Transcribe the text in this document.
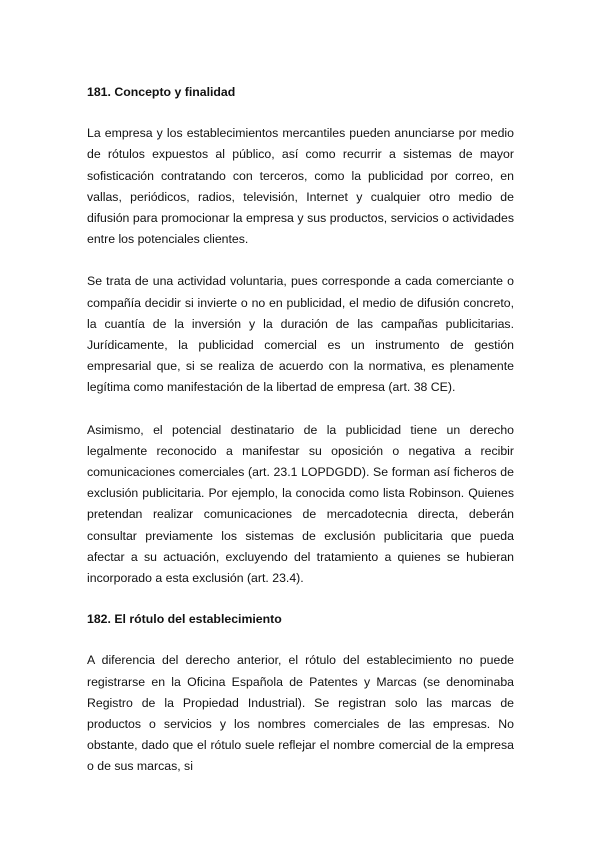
181. Concepto y finalidad

La empresa y los establecimientos mercantiles pueden anunciarse por medio de rótulos expuestos al público, así como recurrir a sistemas de mayor sofisticación contratando con terceros, como la publicidad por correo, en vallas, periódicos, radios, televisión, Internet y cualquier otro medio de difusión para promocionar la empresa y sus productos, servicios o actividades entre los potenciales clientes.

Se trata de una actividad voluntaria, pues corresponde a cada comerciante o compañía decidir si invierte o no en publicidad, el medio de difusión concreto, la cuantía de la inversión y la duración de las campañas publicitarias. Jurídicamente, la publicidad comercial es un instrumento de gestión empresarial que, si se realiza de acuerdo con la normativa, es plenamente legítima como manifestación de la libertad de empresa (art. 38 CE).

Asimismo, el potencial destinatario de la publicidad tiene un derecho legalmente reconocido a manifestar su oposición o negativa a recibir comunicaciones comerciales (art. 23.1 LOPDGDD). Se forman así ficheros de exclusión publicitaria. Por ejemplo, la conocida como lista Robinson. Quienes pretendan realizar comunicaciones de mercadotecnia directa, deberán consultar previamente los sistemas de exclusión publicitaria que pueda afectar a su actuación, excluyendo del tratamiento a quienes se hubieran incorporado a esta exclusión (art. 23.4).

182. El rótulo del establecimiento

A diferencia del derecho anterior, el rótulo del establecimiento no puede registrarse en la Oficina Española de Patentes y Marcas (se denominaba Registro de la Propiedad Industrial). Se registran solo las marcas de productos o servicios y los nombres comerciales de las empresas. No obstante, dado que el rótulo suele reflejar el nombre comercial de la empresa o de sus marcas, si
